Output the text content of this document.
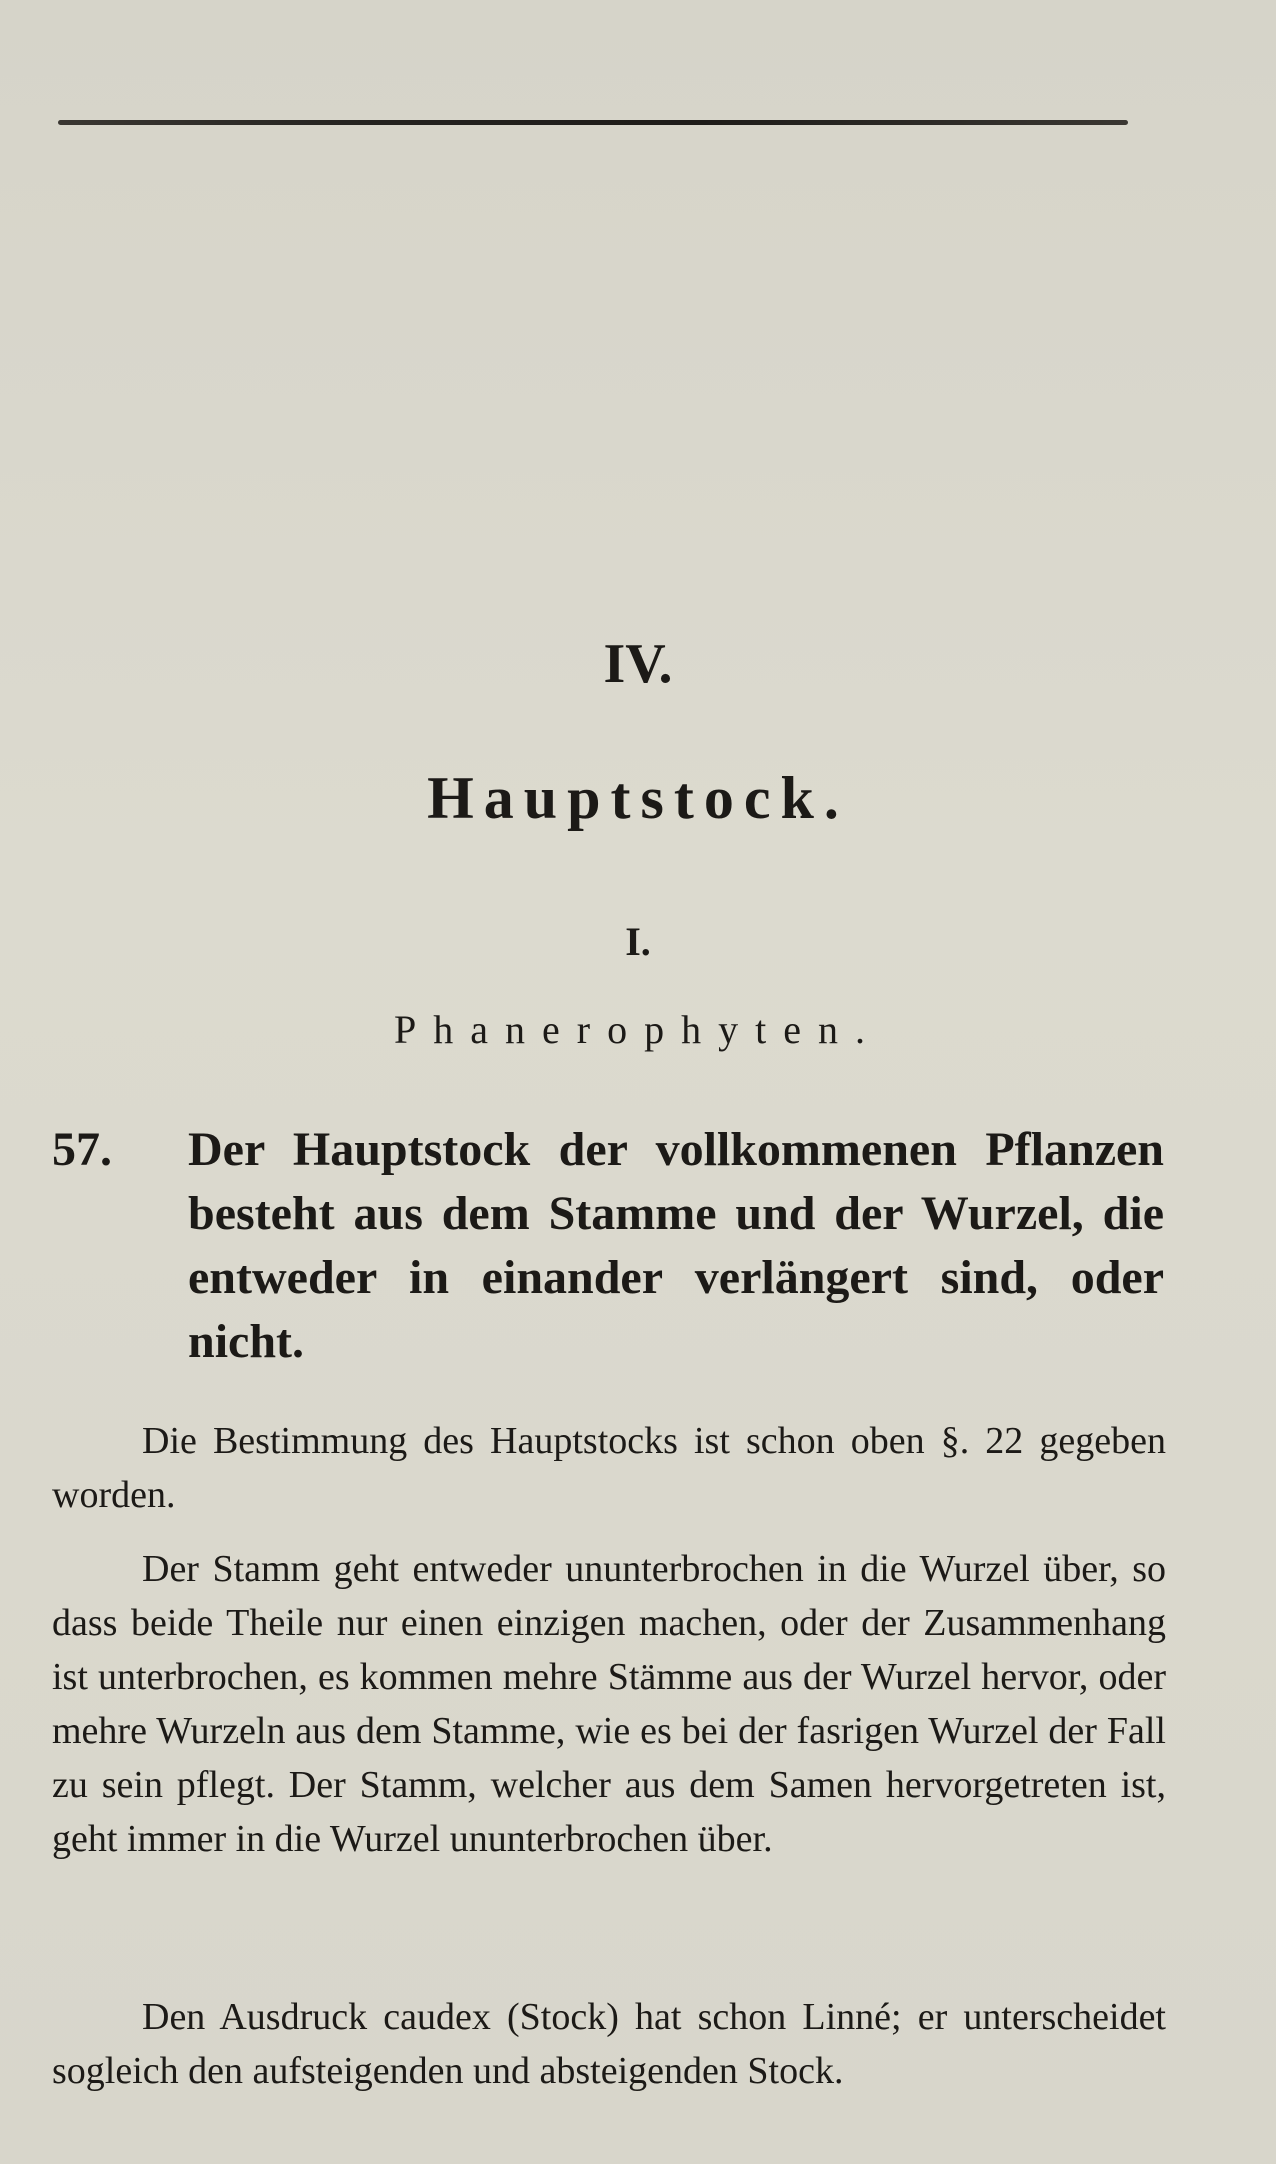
IV.
Hauptstock.
I.
Phanerophyten.
57. Der Hauptstock der vollkommenen Pflanzen besteht aus dem Stamme und der Wurzel, die entweder in einander verlängert sind, oder nicht.

Die Bestimmung des Hauptstocks ist schon oben §. 22 gegeben worden.

Der Stamm geht entweder ununterbrochen in die Wurzel über, so dass beide Theile nur einen einzigen machen, oder der Zusammenhang ist unterbrochen, es kommen mehre Stämme aus der Wurzel hervor, oder mehre Wurzeln aus dem Stamme, wie es bei der fasrigen Wurzel der Fall zu sein pflegt. Der Stamm, welcher aus dem Samen hervorgetreten ist, geht immer in die Wurzel ununterbrochen über.

Den Ausdruck caudex (Stock) hat schon Linné; er unterscheidet sogleich den aufsteigenden und absteigenden Stock.
